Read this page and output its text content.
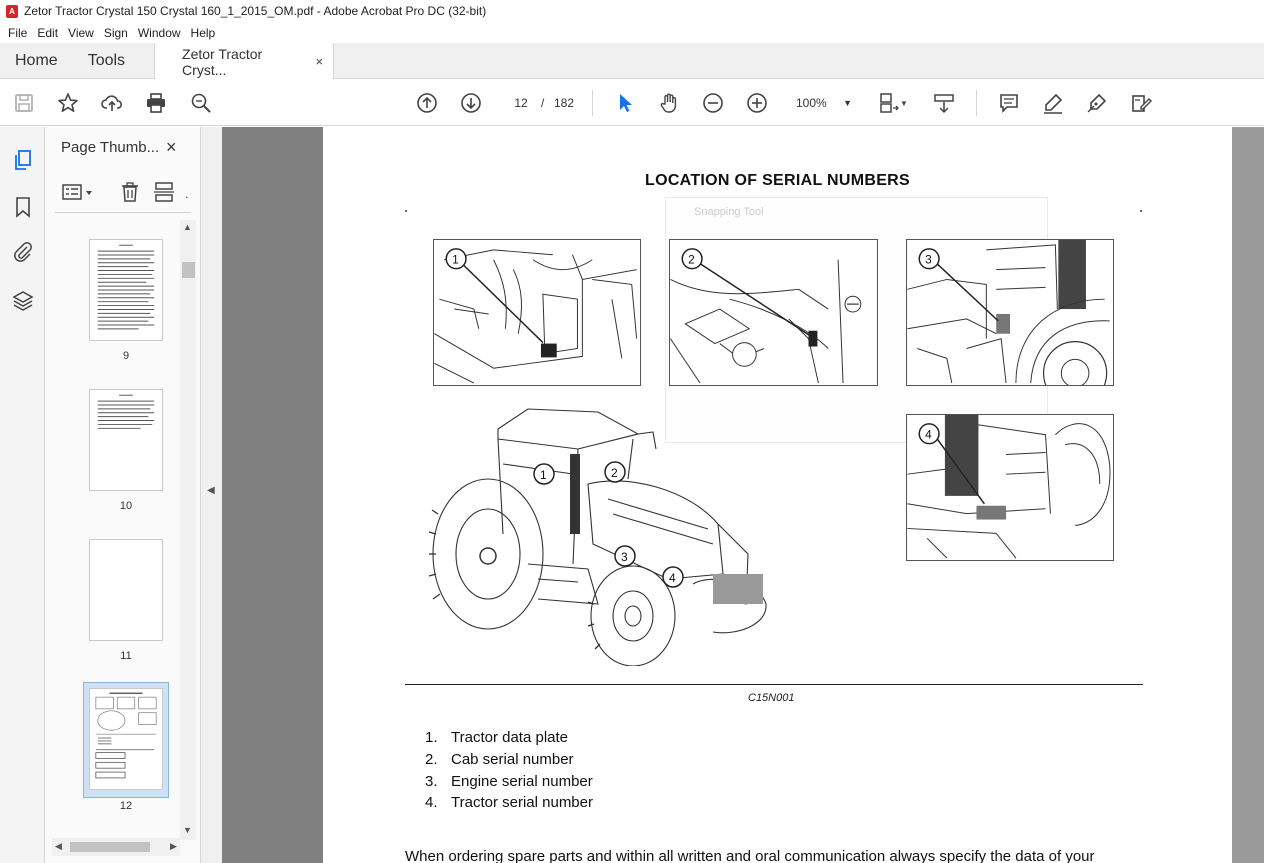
A Zetor Tractor Crystal 150 Crystal 160_1_2015_OM.pdf - Adobe Acrobat Pro DC (32-bit)
File Edit View Sign Window Help
Home	Tools	Zetor Tractor Cryst...	×
12
/ 182	100% ▼	▼
Page Thumb... ×
.
9
10
11
12
▲
▼
◀	▶
◀
Snapping Tool
LOCATION OF SERIAL NUMBERS
1	2	3
4
1	2
3
4
C15N001
1. Tractor data plate
2. Cab serial number
3. Engine serial number
4. Tractor serial number
When ordering spare parts and within all written and oral communication always specify the data of your
